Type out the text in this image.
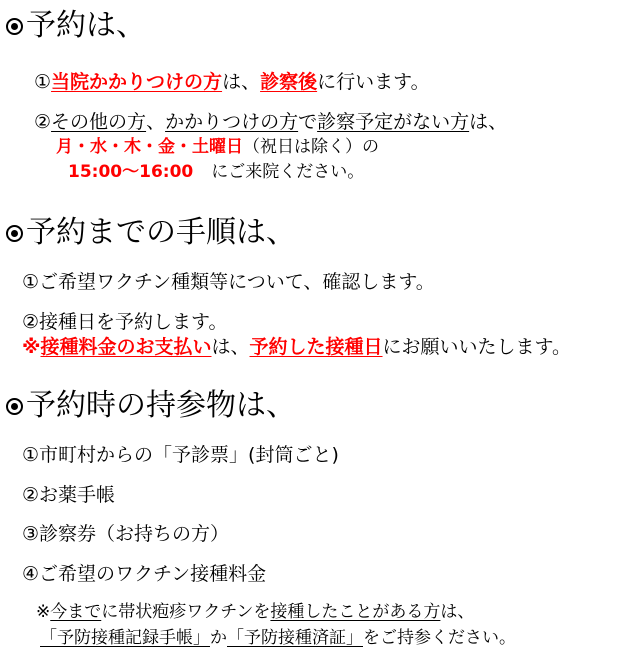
予約は、
①当院かかりつけの方は、診察後に行います。
②その他の方、かかりつけの方で診察予定がない方は、
月・水・木・金・土曜日（祝日は除く）の
15:00～16:00 にご来院ください。
予約までの手順は、
①ご希望ワクチン種類等について、確認します。
②接種日を予約します。
※接種料金のお支払いは、予約した接種日にお願いいたします。
予約時の持参物は、
①市町村からの「予診票」(封筒ごと)
②お薬手帳
③診察券（お持ちの方）
④ご希望のワクチン接種料金
※今までに帯状疱疹ワクチンを接種したことがある方は、
「予防接種記録手帳」か「予防接種済証」をご持参ください。
